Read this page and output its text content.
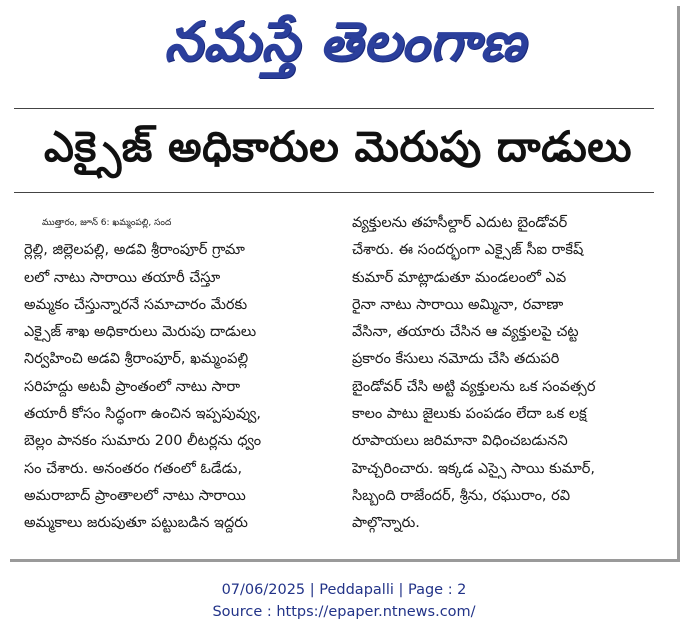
నమస్తే తెలంగాణ
ఎక్సైజ్ అధికారుల మెరుపు దాడులు
ముత్తారం, జూన్ 6: ఖమ్మంపల్లి, సంద
ర్లెల్లి, జిల్లెలపల్లి, అడవి శ్రీరాంపూర్ గ్రామా
లలో నాటు సారాయి తయారీ చేస్తూ
అమ్మకం చేస్తున్నారనే సమాచారం మేరకు
ఎక్సైజ్ శాఖ అధికారులు మెరుపు దాడులు
నిర్వహించి అడవి శ్రీరాంపూర్, ఖమ్మంపల్లి
సరిహద్దు అటవీ ప్రాంతంలో నాటు సారా
తయారీ కోసం సిద్ధంగా ఉంచిన ఇప్పపువ్వు,
బెల్లం పానకం సుమారు 200 లీటర్లను ధ్వం
సం చేశారు. అనంతరం గతంలో ఓడేడు,
అమరాబాద్ ప్రాంతాలలో నాటు సారాయి
అమ్మకాలు జరుపుతూ పట్టుబడిన ఇద్దరు
వ్యక్తులను తహసీల్దార్ ఎదుట బైండోవర్
చేశారు. ఈ సందర్భంగా ఎక్సైజ్ సీఐ రాకేష్
కుమార్ మాట్లాడుతూ మండలంలో ఎవ
రైనా నాటు సారాయి అమ్మినా, రవాణా
వేసినా, తయారు చేసిన ఆ వ్యక్తులపై చట్ట
ప్రకారం కేసులు నమోదు చేసి తదుపరి
బైండోవర్ చేసి అట్టి వ్యక్తులను ఒక సంవత్సర
కాలం పాటు జైలుకు పంపడం లేదా ఒక లక్ష
రూపాయలు జరిమానా విధించబడునని
హెచ్చరించారు. ఇక్కడ ఎస్సై సాయి కుమార్,
సిబ్బంది రాజేందర్, శ్రీను, రఘురాం, రవి
పాల్గొన్నారు.
07/06/2025 | Peddapalli | Page : 2
Source : https://epaper.ntnews.com/
